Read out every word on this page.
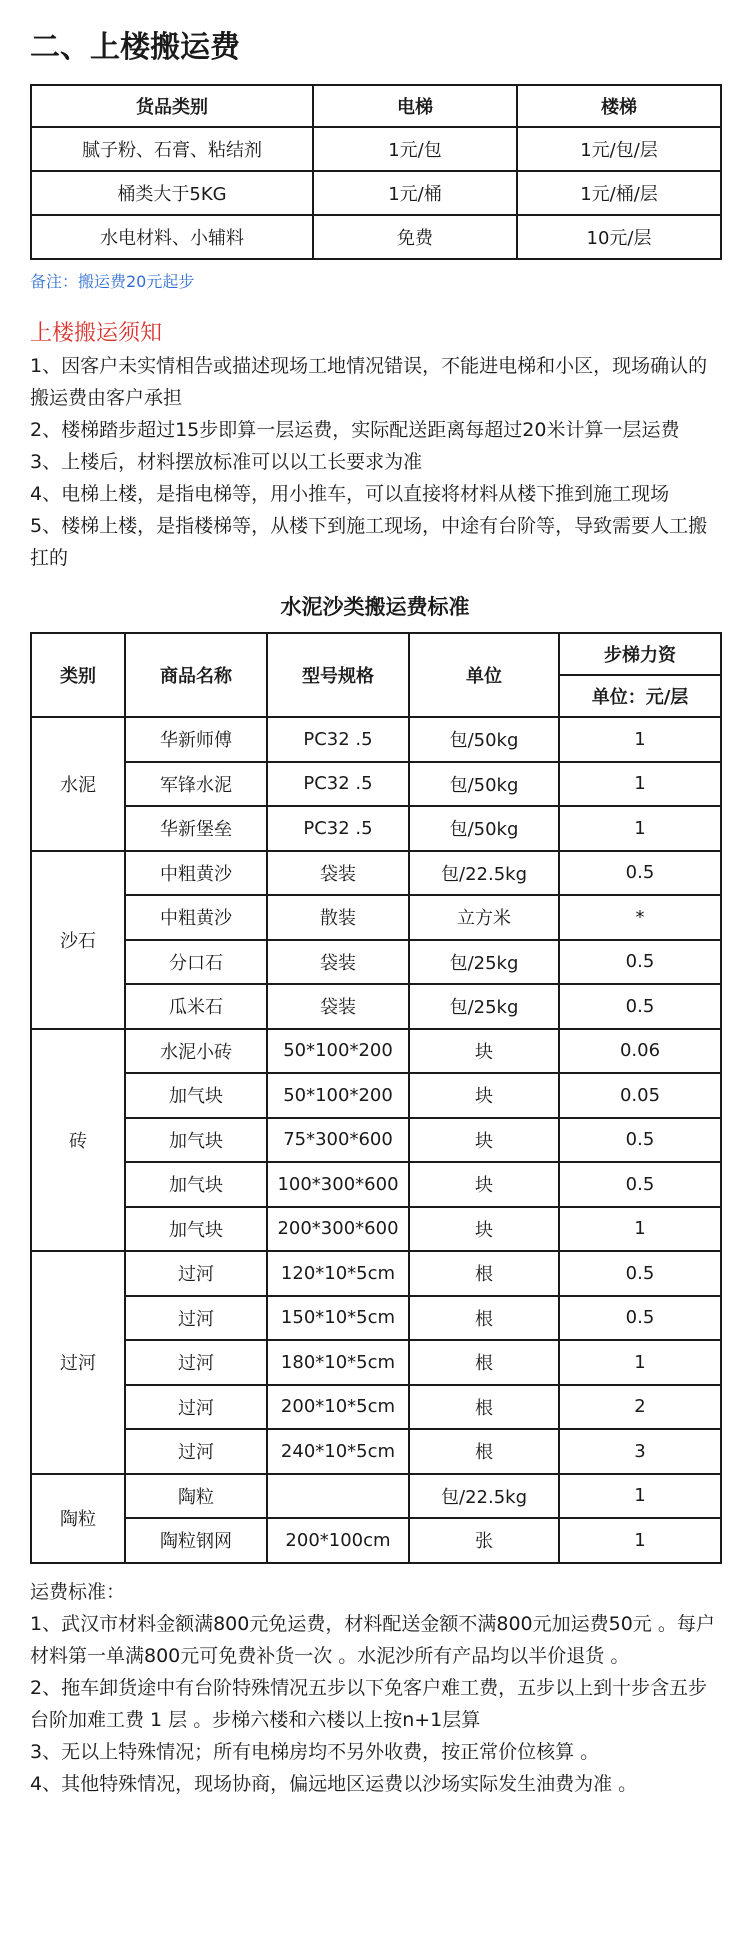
二、上楼搬运费
货品类别	电梯	楼梯
腻子粉、石膏、粘结剂	1元/包	1元/包/层
桶类大于5KG	1元/桶	1元/桶/层
水电材料、小辅料	免费	10元/层
备注：搬运费20元起步
上楼搬运须知

1、因客户未实情相告或描述现场工地情况错误，不能进电梯和小区，现场确认的搬运费由客户承担

2、楼梯踏步超过15步即算一层运费，实际配送距离每超过20米计算一层运费

3、上楼后，材料摆放标准可以以工长要求为准

4、电梯上楼，是指电梯等，用小推车，可以直接将材料从楼下推到施工现场

5、楼梯上楼，是指楼梯等，从楼下到施工现场，中途有台阶等，导致需要人工搬扛的

水泥沙类搬运费标准
类别	商品名称	型号规格	单位	步梯力资
				单位：元/层
水泥	华新师傅	PC32 .5	包/50kg	1
	军锋水泥	PC32 .5	包/50kg	1
	华新堡垒	PC32 .5	包/50kg	1
沙石	中粗黄沙	袋装	包/22.5kg	0.5
	中粗黄沙	散装	立方米	*
	分口石	袋装	包/25kg	0.5
	瓜米石	袋装	包/25kg	0.5
砖	水泥小砖	50*100*200	块	0.06
	加气块	50*100*200	块	0.05
	加气块	75*300*600	块	0.5
	加气块	100*300*600	块	0.5
	加气块	200*300*600	块	1
过河	过河	120*10*5cm	根	0.5
	过河	150*10*5cm	根	0.5
	过河	180*10*5cm	根	1
	过河	200*10*5cm	根	2
	过河	240*10*5cm	根	3
陶粒	陶粒		包/22.5kg	1
	陶粒钢网	200*100cm	张	1

运费标准：

1、武汉市材料金额满800元免运费，材料配送金额不满800元加运费50元 。每户材料第一单满800元可免费补货一次 。水泥沙所有产品均以半价退货 。

2、拖车卸货途中有台阶特殊情况五步以下免客户难工费，五步以上到十步含五步台阶加难工费 1 层 。步梯六楼和六楼以上按n+1层算

3、无以上特殊情况；所有电梯房均不另外收费，按正常价位核算 。

4、其他特殊情况，现场协商，偏远地区运费以沙场实际发生油费为准 。
